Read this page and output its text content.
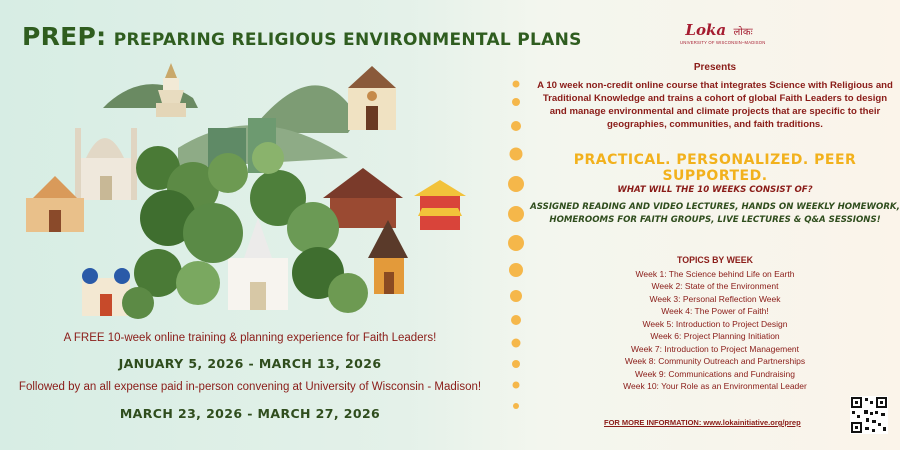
PREP: PREPARING RELIGIOUS ENVIRONMENTAL PLANS
A FREE 10-week online training & planning experience for Faith Leaders!
JANUARY 5, 2026 - MARCH 13, 2026
Followed by an all expense paid in-person convening at University of Wisconsin - Madison!
MARCH 23, 2026 - MARCH 27, 2026
Loka लोकः
UNIVERSITY OF WISCONSIN–MADISON
Presents
A 10 week non-credit online course that integrates Science with Religious and Traditional Knowledge and trains a cohort of global Faith Leaders to design and manage environmental and climate projects that are specific to their geographies, communities, and faith traditions.
PRACTICAL. PERSONALIZED. PEER SUPPORTED.
WHAT WILL THE 10 WEEKS CONSIST OF?
ASSIGNED READING AND VIDEO LECTURES, HANDS ON WEEKLY HOMEWORK,
HOMEROOMS FOR FAITH GROUPS, LIVE LECTURES & Q&A SESSIONS!
TOPICS BY WEEK
Week 1: The Science behind Life on Earth
Week 2: State of the Environment
Week 3: Personal Reflection Week
Week 4: The Power of Faith!
Week 5: Introduction to Project Design
Week 6: Project Planning Initiation
Week 7: Introduction to Project Management
Week 8: Community Outreach and Partnerships
Week 9: Communications and Fundraising
Week 10: Your Role as an Environmental Leader
FOR MORE INFORMATION: www.lokainitiative.org/prep
